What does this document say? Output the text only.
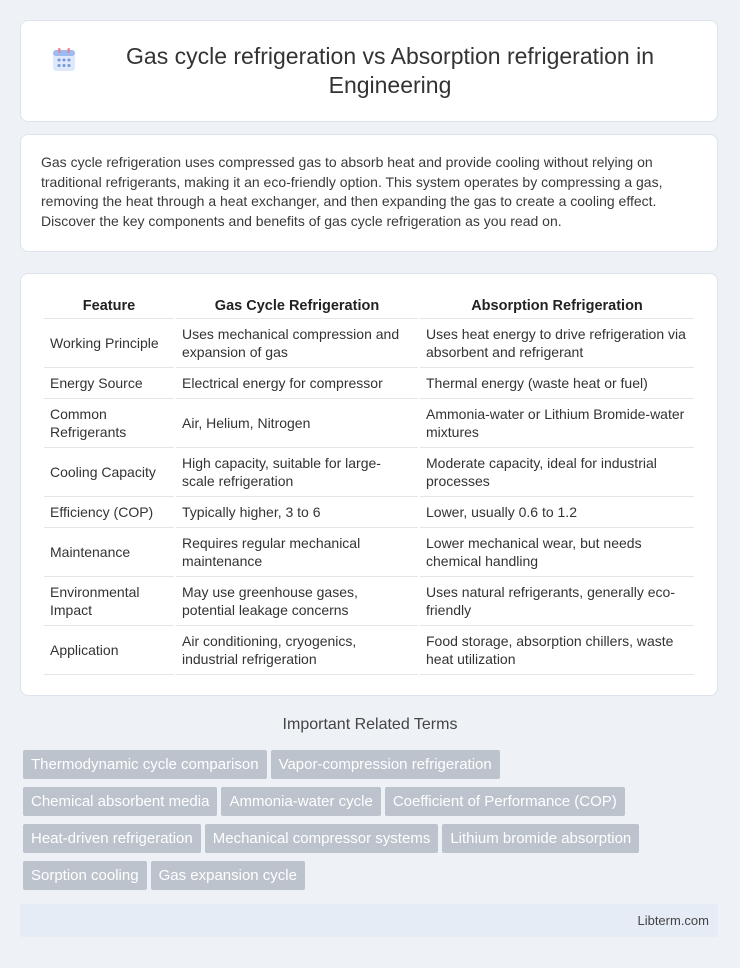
Gas cycle refrigeration vs Absorption refrigeration in Engineering

Gas cycle refrigeration uses compressed gas to absorb heat and provide cooling without relying on traditional refrigerants, making it an eco-friendly option. This system operates by compressing a gas, removing the heat through a heat exchanger, and then expanding the gas to create a cooling effect. Discover the key components and benefits of gas cycle refrigeration as you read on.

Feature	Gas Cycle Refrigeration	Absorption Refrigeration
Working Principle	Uses mechanical compression and expansion of gas	Uses heat energy to drive refrigeration via absorbent and refrigerant
Energy Source	Electrical energy for compressor	Thermal energy (waste heat or fuel)
Common Refrigerants	Air, Helium, Nitrogen	Ammonia-water or Lithium Bromide-water mixtures
Cooling Capacity	High capacity, suitable for large-scale refrigeration	Moderate capacity, ideal for industrial processes
Efficiency (COP)	Typically higher, 3 to 6	Lower, usually 0.6 to 1.2
Maintenance	Requires regular mechanical maintenance	Lower mechanical wear, but needs chemical handling
Environmental Impact	May use greenhouse gases, potential leakage concerns	Uses natural refrigerants, generally eco-friendly
Application	Air conditioning, cryogenics, industrial refrigeration	Food storage, absorption chillers, waste heat utilization
Important Related Terms
Thermodynamic cycle comparison Vapor-compression refrigeration
Chemical absorbent media Ammonia-water cycle Coefficient of Performance (COP)
Heat-driven refrigeration Mechanical compressor systems Lithium bromide absorption
Sorption cooling Gas expansion cycle
Libterm.com
